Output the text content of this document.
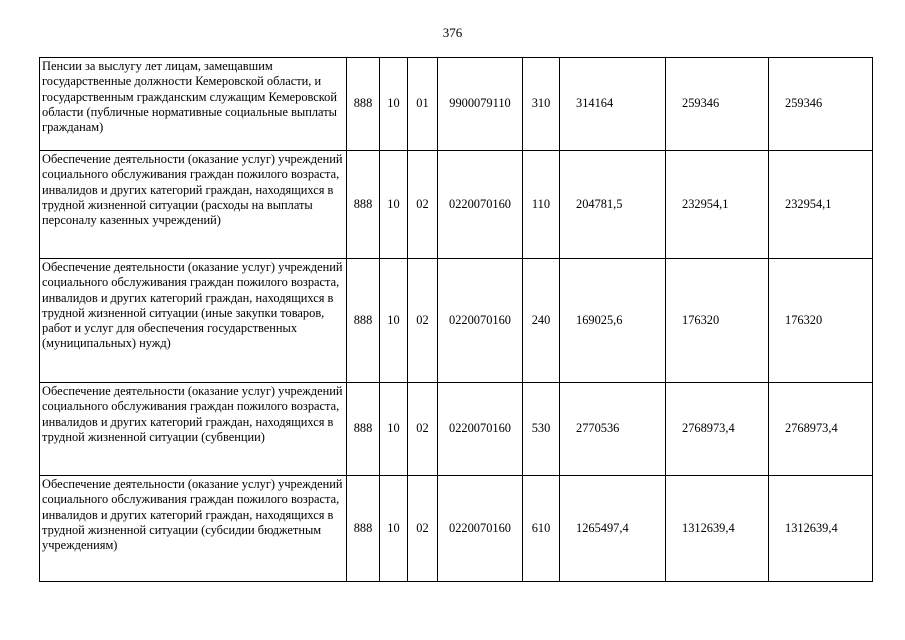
376
Пенсии за выслугу лет лицам, замещавшим государственные должности Кемеровской области, и государственным гражданским служащим Кемеровской области (публичные нормативные социальные выплаты гражданам)	888	10	01	9900079110	310	314164	259346	259346
Обеспечение деятельности (оказание услуг) учреждений социального обслуживания граждан пожилого возраста, инвалидов и других категорий граждан, находящихся в трудной жизненной ситуации (расходы на выплаты персоналу казенных учреждений)	888	10	02	0220070160	110	204781,5	232954,1	232954,1
Обеспечение деятельности (оказание услуг) учреждений социального обслуживания граждан пожилого возраста, инвалидов и других категорий граждан, находящихся в трудной жизненной ситуации (иные закупки товаров, работ и услуг для обеспечения государственных (муниципальных) нужд)	888	10	02	0220070160	240	169025,6	176320	176320
Обеспечение деятельности (оказание услуг) учреждений социального обслуживания граждан пожилого возраста, инвалидов и других категорий граждан, находящихся в трудной жизненной ситуации (субвенции)	888	10	02	0220070160	530	2770536	2768973,4	2768973,4
Обеспечение деятельности (оказание услуг) учреждений социального обслуживания граждан пожилого возраста, инвалидов и других категорий граждан, находящихся в трудной жизненной ситуации (субсидии бюджетным учреждениям)	888	10	02	0220070160	610	1265497,4	1312639,4	1312639,4
